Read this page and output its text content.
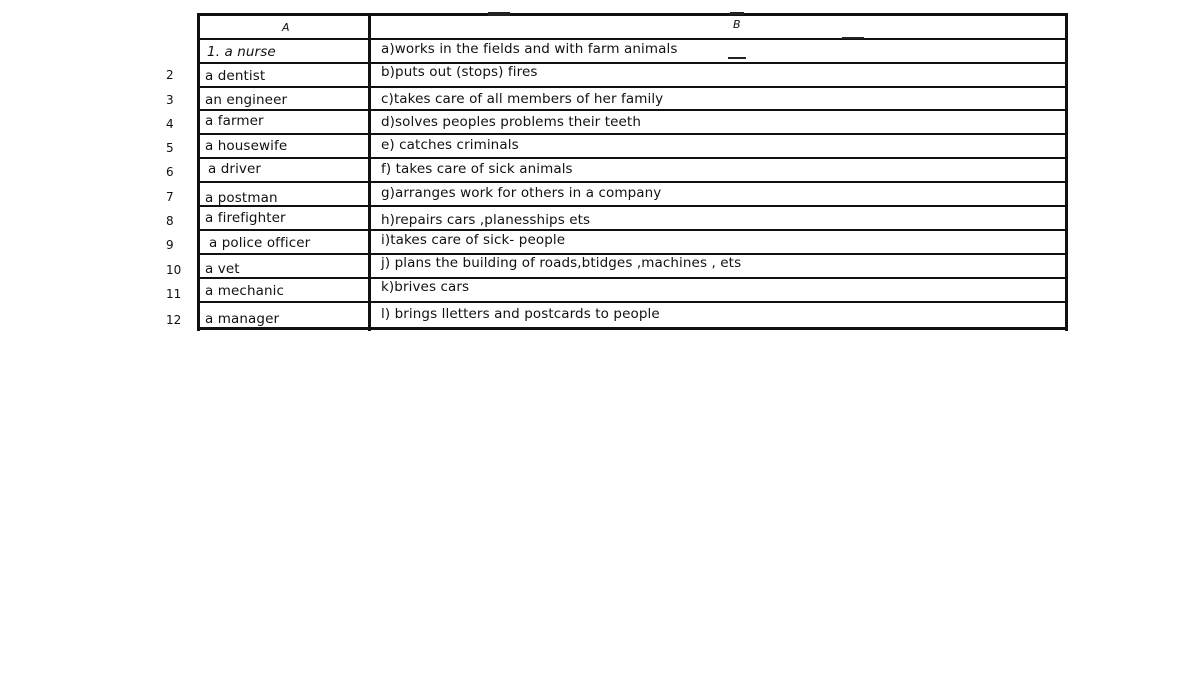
A	B
2
3
4
5
6
7
8
9
10
11
12
1. a nurse
a dentist
an engineer
a farmer
a housewife
a driver
a postman
a firefighter
a police officer
a vet
a mechanic
a manager
a)works in the fields and with farm animals
b)puts out (stops) fires
c)takes care of all members of her family
d)solves peoples problems their teeth
e) catches criminals
f) takes care of sick animals
g)arranges work for others in a company
h)repairs cars ,planesships ets
i)takes care of sick- people
j) plans the building of roads,btidges ,machines , ets
k)brives cars
l) brings lletters and postcards to people
